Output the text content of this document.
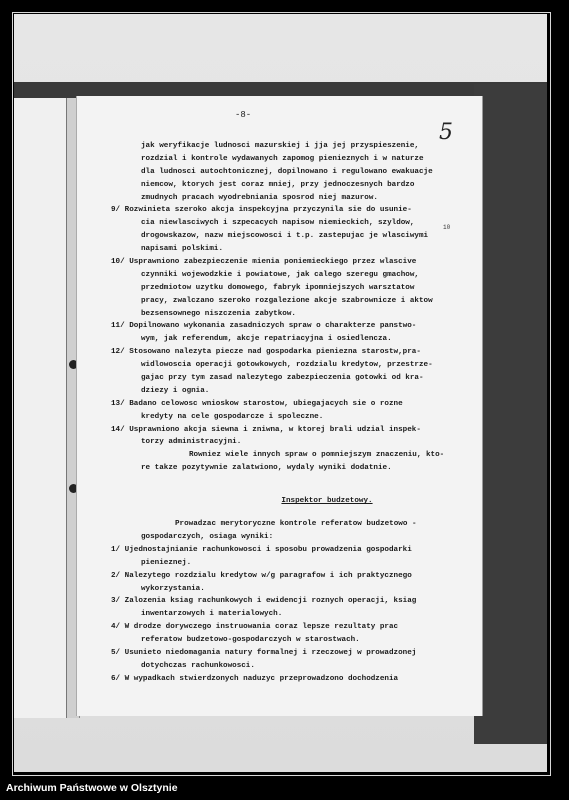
-8-
5
10
jak weryfikacje ludnosci mazurskiej i jja jej przyspieszenie,
rozdzial i kontrole wydawanych zapomog pienieznych i w naturze
dla ludnosci autochtonicznej, dopilnowano i regulowano ewakuacje
niemcow, ktorych jest coraz mniej, przy jednoczesnych bardzo
zmudnych pracach wyodrebniania sposrod niej mazurow.
9/ Rozwinieta szeroko akcja inspekcyjna przyczynila sie do usunie-
cia niewlasciwych i szpecacych napisow niemieckich, szyldow,
drogowskazow, nazw miejscowosci i t.p. zastepujac je wlasciwymi
napisami polskimi.
10/ Usprawniono zabezpieczenie mienia poniemieckiego przez wlascive
czynniki wojewodzkie i powiatowe, jak calego szeregu gmachow,
przedmiotow uzytku domowego, fabryk ipomniejszych warsztatow
pracy, zwalczano szeroko rozgalezione akcje szabrownicze i aktow
bezsensownego niszczenia zabytkow.
11/ Dopilnowano wykonania zasadniczych spraw o charakterze panstwo-
wym, jak referendum, akcje repatriacyjna i osiedlencza.
12/ Stosowano nalezyta piecze nad gospodarka pieniezna starostw,pra-
widlowoscia operacji gotowkowych, rozdzialu kredytow, przestrze-
gajac przy tym zasad nalezytego zabezpieczenia gotowki od kra-
dziezy i ognia.
13/ Badano celowosc wnioskow starostow, ubiegajacych sie o rozne
kredyty na cele gospodarcze i spoleczne.
14/ Usprawniono akcja siewna i zniwna, w ktorej brali udzial inspek-
torzy administracyjni.
Rowniez wiele innych spraw o pomniejszym znaczeniu, kto-
re takze pozytywnie zalatwiono, wydaly wyniki dodatnie.
Inspektor budzetowy.
Prowadzac merytoryczne kontrole referatow budzetowo -
gospodarczych, osiaga wyniki:
1/ Ujednostajnianie rachunkowosci i sposobu prowadzenia gospodarki
pienieznej.
2/ Nalezytego rozdzialu kredytow w/g paragrafow i ich praktycznego
wykorzystania.
3/ Zalozenia ksiag rachunkowych i ewidencji roznych operacji, ksiag
inwentarzowych i materialowych.
4/ W drodze dorywczego instruowania coraz lepsze rezultaty prac
referatow budzetowo-gospodarczych w starostwach.
5/ Usunieto niedomagania natury formalnej i rzeczowej w prowadzonej
dotychczas rachunkowosci.
6/ W wypadkach stwierdzonych naduzyc przeprowadzono dochodzenia
Archiwum Państwowe w Olsztynie
